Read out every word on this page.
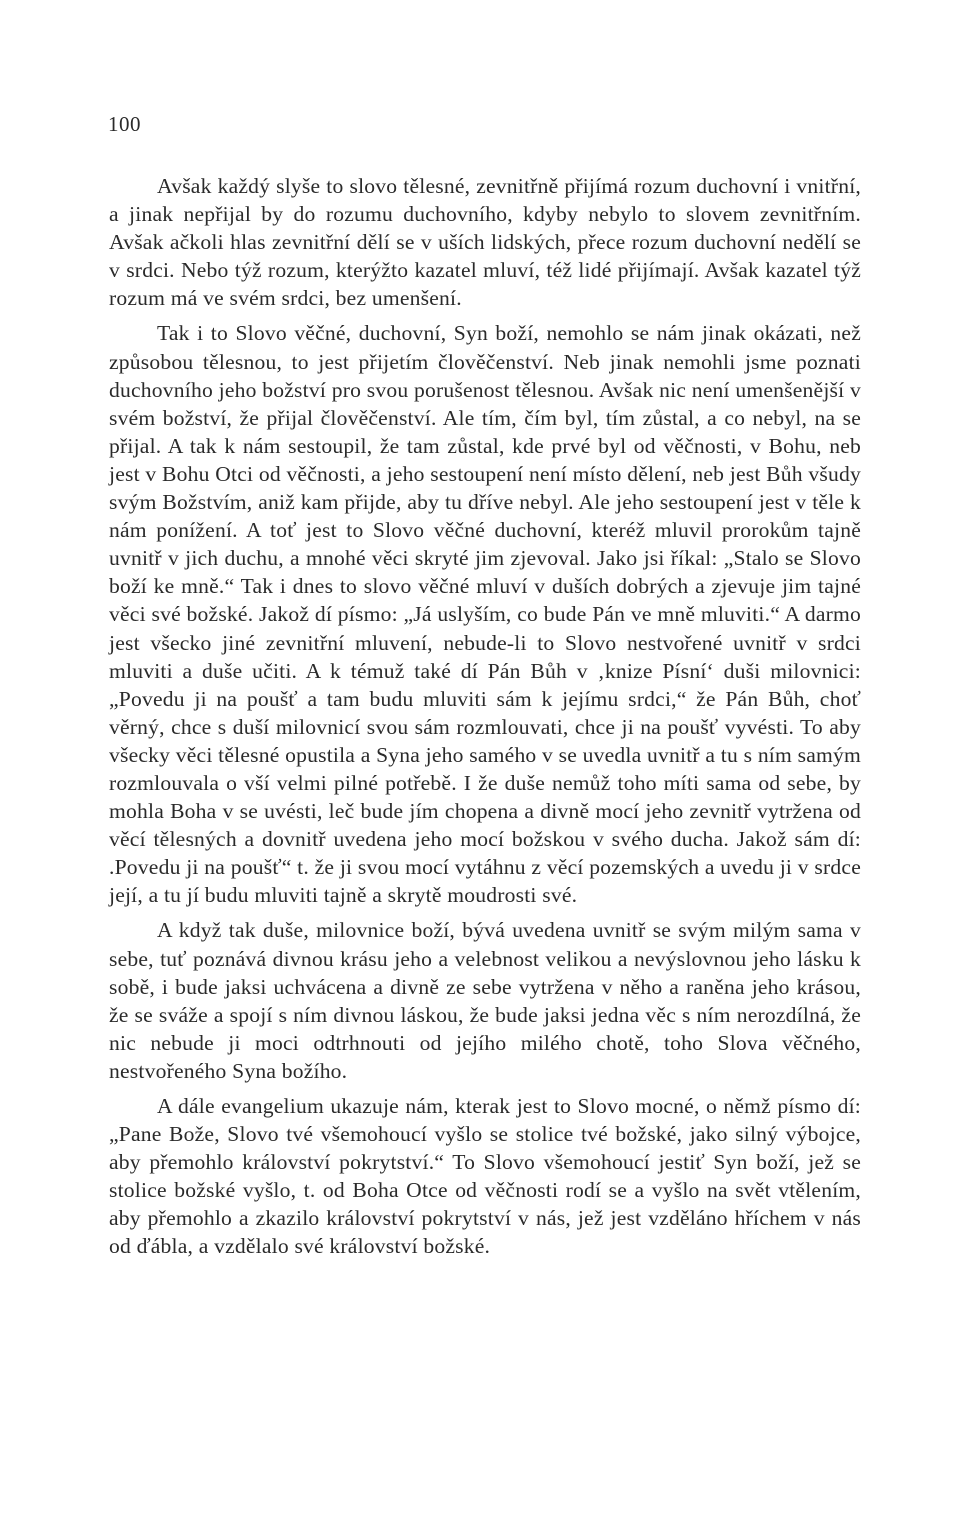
100

Avšak každý slyše to slovo tělesné, zevnitřně přijímá rozum duchovní i vnitřní, a jinak nepřijal by do rozumu duchovního, kdyby nebylo to slovem zevnitřním. Avšak ačkoli hlas zevnitřní dělí se v uších lidských, přece rozum duchovní nedělí se v srdci. Nebo týž rozum, kterýžto kazatel mluví, též lidé přijímají. Avšak kazatel týž rozum má ve svém srdci, bez umenšení.

Tak i to Slovo věčné, duchovní, Syn boží, nemohlo se nám jinak okázati, než způsobou tělesnou, to jest přijetím člověčenství. Neb jinak nemohli jsme poznati duchovního jeho božství pro svou porušenost tělesnou. Avšak nic není umenšenější v svém božství, že přijal člověčenství. Ale tím, čím byl, tím zůstal, a co nebyl, na se přijal. A tak k nám sestoupil, že tam zůstal, kde prvé byl od věčnosti, v Bohu, neb jest v Bohu Otci od věčnosti, a jeho sestoupení není místo dělení, neb jest Bůh všudy svým Božstvím, aniž kam přijde, aby tu dříve nebyl. Ale jeho sestoupení jest v těle k nám ponížení. A toť jest to Slovo věčné duchovní, kteréž mluvil prorokům tajně uvnitř v jich duchu, a mnohé věci skryté jim zjevoval. Jako jsi říkal: „Stalo se Slovo boží ke mně.“ Tak i dnes to slovo věčné mluví v duších dobrých a zjevuje jim tajné věci své božské. Jakož dí písmo: „Já uslyším, co bude Pán ve mně mluviti.“ A darmo jest všecko jiné zevnitřní mluvení, nebude-li to Slovo nestvořené uvnitř v srdci mluviti a duše učiti. A k témuž také dí Pán Bůh v ‚knize Písní‘ duši milovnici: „Povedu ji na poušť a tam budu mluviti sám k jejímu srdci,“ že Pán Bůh, choť věrný, chce s duší milovnicí svou sám rozmlouvati, chce ji na poušť vyvésti. To aby všecky věci tělesné opustila a Syna jeho samého v se uvedla uvnitř a tu s ním samým rozmlouvala o vší velmi pilné potřebě. I že duše nemůž toho míti sama od sebe, by mohla Boha v se uvésti, leč bude jím chopena a divně mocí jeho zevnitř vytržena od věcí tělesných a dovnitř uvedena jeho mocí božskou v svého ducha. Jakož sám dí: .Povedu ji na poušť“ t. že ji svou mocí vytáhnu z věcí pozemských a uvedu ji v srdce její, a tu jí budu mluviti tajně a skrytě moudrosti své.

A když tak duše, milovnice boží, bývá uvedena uvnitř se svým milým sama v sebe, tuť poznává divnou krásu jeho a velebnost velikou a nevýslovnou jeho lásku k sobě, i bude jaksi uchvácena a divně ze sebe vytržena v něho a raněna jeho krásou, že se sváže a spojí s ním divnou láskou, že bude jaksi jedna věc s ním nerozdílná, že nic nebude ji moci odtrhnouti od jejího milého chotě, toho Slova věčného, nestvořeného Syna božího.

A dále evangelium ukazuje nám, kterak jest to Slovo mocné, o němž písmo dí: „Pane Bože, Slovo tvé všemohoucí vyšlo se stolice tvé božské, jako silný výbojce, aby přemohlo království pokrytství.“ To Slovo všemohoucí jestiť Syn boží, jež se stolice božské vyšlo, t. od Boha Otce od věčnosti rodí se a vyšlo na svět vtělením, aby přemohlo a zkazilo království pokrytství v nás, jež jest vzděláno hříchem v nás od ďábla, a vzdělalo své království božské.
